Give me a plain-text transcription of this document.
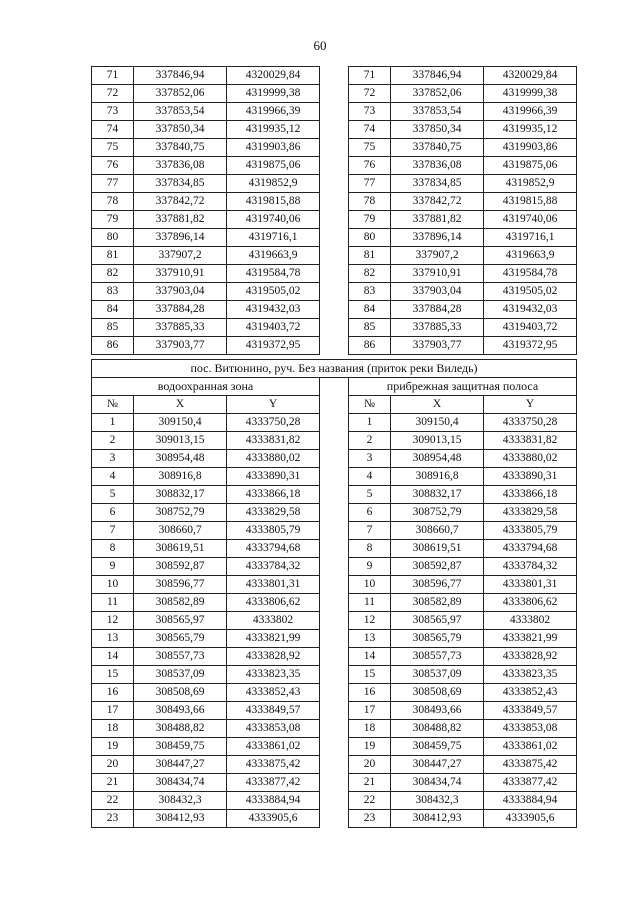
60
71	337846,94	4320029,84		71	337846,94	4320029,84
72	337852,06	4319999,38		72	337852,06	4319999,38
73	337853,54	4319966,39		73	337853,54	4319966,39
74	337850,34	4319935,12		74	337850,34	4319935,12
75	337840,75	4319903,86		75	337840,75	4319903,86
76	337836,08	4319875,06		76	337836,08	4319875,06
77	337834,85	4319852,9		77	337834,85	4319852,9
78	337842,72	4319815,88		78	337842,72	4319815,88
79	337881,82	4319740,06		79	337881,82	4319740,06
80	337896,14	4319716,1		80	337896,14	4319716,1
81	337907,2	4319663,9		81	337907,2	4319663,9
82	337910,91	4319584,78		82	337910,91	4319584,78
83	337903,04	4319505,02		83	337903,04	4319505,02
84	337884,28	4319432,03		84	337884,28	4319432,03
85	337885,33	4319403,72		85	337885,33	4319403,72
86	337903,77	4319372,95		86	337903,77	4319372,95
пос. Витюнино, руч. Без названия (приток реки Виледь)						
водоохранная зона				прибрежная защитная полоса		
№	X	Y		№	X	Y
1	309150,4	4333750,28		1	309150,4	4333750,28
2	309013,15	4333831,82		2	309013,15	4333831,82
3	308954,48	4333880,02		3	308954,48	4333880,02
4	308916,8	4333890,31		4	308916,8	4333890,31
5	308832,17	4333866,18		5	308832,17	4333866,18
6	308752,79	4333829,58		6	308752,79	4333829,58
7	308660,7	4333805,79		7	308660,7	4333805,79
8	308619,51	4333794,68		8	308619,51	4333794,68
9	308592,87	4333784,32		9	308592,87	4333784,32
10	308596,77	4333801,31		10	308596,77	4333801,31
11	308582,89	4333806,62		11	308582,89	4333806,62
12	308565,97	4333802		12	308565,97	4333802
13	308565,79	4333821,99		13	308565,79	4333821,99
14	308557,73	4333828,92		14	308557,73	4333828,92
15	308537,09	4333823,35		15	308537,09	4333823,35
16	308508,69	4333852,43		16	308508,69	4333852,43
17	308493,66	4333849,57		17	308493,66	4333849,57
18	308488,82	4333853,08		18	308488,82	4333853,08
19	308459,75	4333861,02		19	308459,75	4333861,02
20	308447,27	4333875,42		20	308447,27	4333875,42
21	308434,74	4333877,42		21	308434,74	4333877,42
22	308432,3	4333884,94		22	308432,3	4333884,94
23	308412,93	4333905,6		23	308412,93	4333905,6
